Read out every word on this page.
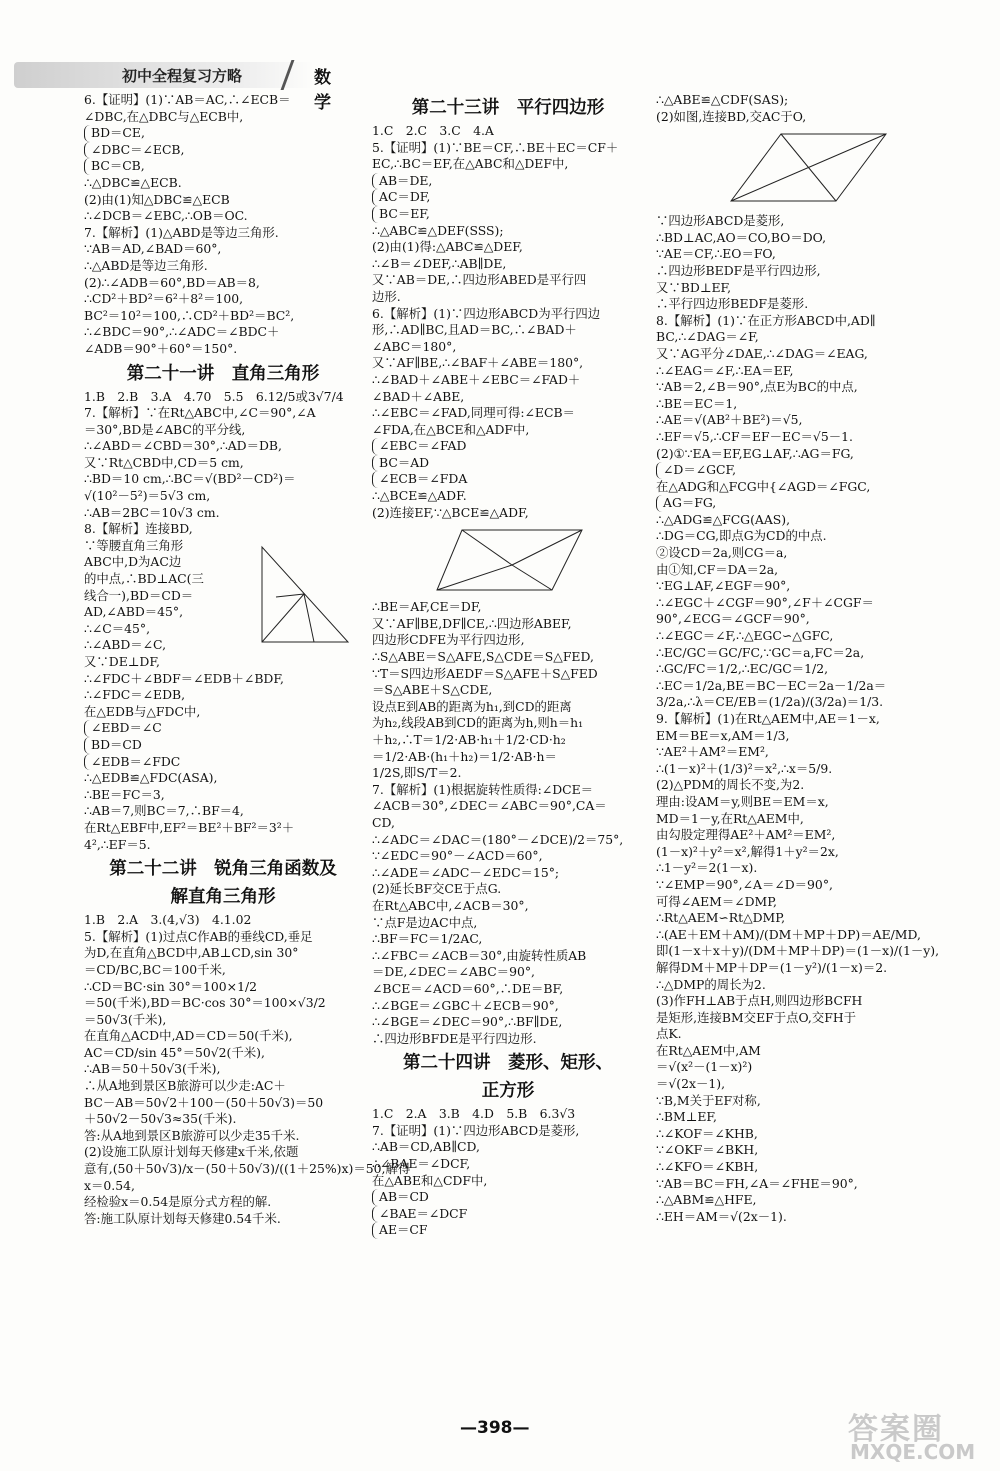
初中全程复习方略	数学

6.【证明】(1)∵AB＝AC,∴∠ECB＝

∠DBC,在△DBC与△ECB中,

BD＝CE,

∠DBC＝∠ECB,

BC＝CB,

∴△DBC≌△ECB.

(2)由(1)知△DBC≌△ECB

∴∠DCB＝∠EBC,∴OB＝OC.

7.【解析】(1)△ABD是等边三角形.

∵AB＝AD,∠BAD＝60°,

∴△ABD是等边三角形.

(2)∴∠ADB＝60°,BD＝AB＝8,

∴CD²＋BD²＝6²＋8²＝100,

BC²＝10²＝100,∴CD²＋BD²＝BC²,

∴∠BDC＝90°,∴∠ADC＝∠BDC＋

∠ADB＝90°＋60°＝150°.

第二十一讲　直角三角形

1.B　2.B　3.A　4.70　5.5　6.12/5或3√7/4

7.【解析】∵在Rt△ABC中,∠C＝90°,∠A

＝30°,BD是∠ABC的平分线,

∴∠ABD＝∠CBD＝30°,∴AD＝DB,

又∵Rt△CBD中,CD＝5 cm,

∴BD＝10 cm,∴BC＝√(BD²－CD²)＝

√(10²－5²)＝5√3 cm,

∴AB＝2BC＝10√3 cm.

8.【解析】连接BD,

∵等腰直角三角形

ABC中,D为AC边

的中点,∴BD⊥AC(三

线合一),BD＝CD＝

AD,∠ABD＝45°,

∴∠C＝45°,

∴∠ABD＝∠C,

又∵DE⊥DF,

∴∠FDC＋∠BDF＝∠EDB＋∠BDF,

∴∠FDC＝∠EDB,

在△EDB与△FDC中,

∠EBD＝∠C

BD＝CD

∠EDB＝∠FDC

∴△EDB≌△FDC(ASA),

∴BE＝FC＝3,

∴AB＝7,则BC＝7,∴BF＝4,

在Rt△EBF中,EF²＝BE²＋BF²＝3²＋

4²,∴EF＝5.

第二十二讲　锐角三角函数及

解直角三角形

1.B　2.A　3.(4,√3)　4.1.02

5.【解析】(1)过点C作AB的垂线CD,垂足

为D,在直角△BCD中,AB⊥CD,sin 30°

＝CD/BC,BC＝100千米,

∴CD＝BC·sin 30°＝100×1/2

＝50(千米),BD＝BC·cos 30°＝100×√3/2

＝50√3(千米),

在直角△ACD中,AD＝CD＝50(千米),

AC＝CD/sin 45°＝50√2(千米),

∴AB＝50＋50√3(千米),

∴从A地到景区B旅游可以少走:AC＋

BC－AB＝50√2＋100－(50＋50√3)＝50

＋50√2－50√3≈35(千米).

答:从A地到景区B旅游可以少走35千米.

(2)设施工队原计划每天修建x千米,依题

意有,(50＋50√3)/x－(50＋50√3)/((1＋25%)x)＝50,解得

x＝0.54,

经检验x＝0.54是原分式方程的解.

答:施工队原计划每天修建0.54千米.

第二十三讲　平行四边形

1.C　2.C　3.C　4.A

5.【证明】(1)∵BE＝CF,∴BE＋EC＝CF＋

EC,∴BC＝EF,在△ABC和△DEF中,

AB＝DE,

AC＝DF,

BC＝EF,

∴△ABC≌△DEF(SSS);

(2)由(1)得:△ABC≌△DEF,

∴∠B＝∠DEF,∴AB∥DE,

又∵AB＝DE,∴四边形ABED是平行四

边形.

6.【解析】(1)∵四边形ABCD为平行四边

形,∴AD∥BC,且AD＝BC,∴∠BAD＋

∠ABC＝180°,

又∵AF∥BE,∴∠BAF＋∠ABE＝180°,

∴∠BAD＋∠ABE＋∠EBC＝∠FAD＋

∠BAD＋∠ABE,

∴∠EBC＝∠FAD,同理可得:∠ECB＝

∠FDA,在△BCE和△ADF中,

∠EBC＝∠FAD

BC＝AD

∠ECB＝∠FDA

∴△BCE≌△ADF.

(2)连接EF,∵△BCE≌△ADF,

∴BE＝AF,CE＝DF,

又∵AF∥BE,DF∥CE,∴四边形ABEF,

四边形CDFE为平行四边形,

∴S△ABE＝S△AFE,S△CDE＝S△FED,

∵T＝S四边形AEDF＝S△AFE＋S△FED

＝S△ABE＋S△CDE,

设点E到AB的距离为h₁,到CD的距离

为h₂,线段AB到CD的距离为h,则h＝h₁

＋h₂,∴T＝1/2·AB·h₁＋1/2·CD·h₂

＝1/2·AB·(h₁＋h₂)＝1/2·AB·h＝

1/2S,即S/T＝2.

7.【解析】(1)根据旋转性质得:∠DCE＝

∠ACB＝30°,∠DEC＝∠ABC＝90°,CA＝

CD,

∴∠ADC＝∠DAC＝(180°－∠DCE)/2＝75°,

∵∠EDC＝90°－∠ACD＝60°,

∴∠ADE＝∠ADC－∠EDC＝15°;

(2)延长BF交CE于点G.

在Rt△ABC中,∠ACB＝30°,

∵点F是边AC中点,

∴BF＝FC＝1/2AC,

∴∠FBC＝∠ACB＝30°,由旋转性质AB

＝DE,∠DEC＝∠ABC＝90°,

∠BCE＝∠ACD＝60°,∴DE＝BF,

∴∠BGE＝∠GBC＋∠ECB＝90°,

∴∠BGE＝∠DEC＝90°,∴BF∥DE,

∴四边形BFDE是平行四边形.

第二十四讲　菱形、矩形、

正方形

1.C　2.A　3.B　4.D　5.B　6.3√3

7.【证明】(1)∵四边形ABCD是菱形,

∴AB＝CD,AB∥CD,

∴∠BAE＝∠DCF,

在△ABE和△CDF中,

AB＝CD

∠BAE＝∠DCF

AE＝CF

∴△ABE≌△CDF(SAS);

(2)如图,连接BD,交AC于O,

∵四边形ABCD是菱形,

∴BD⊥AC,AO＝CO,BO＝DO,

∵AE＝CF,∴EO＝FO,

∴四边形BEDF是平行四边形,

又∵BD⊥EF,

∴平行四边形BEDF是菱形.

8.【解析】(1)∵在正方形ABCD中,AD∥

BC,∴∠DAG＝∠F,

又∵AG平分∠DAE,∴∠DAG＝∠EAG,

∴∠EAG＝∠F,∴EA＝EF,

∵AB＝2,∠B＝90°,点E为BC的中点,

∴BE＝EC＝1,

∴AE＝√(AB²＋BE²)＝√5,

∴EF＝√5,∴CF＝EF－EC＝√5－1.

(2)①∵EA＝EF,EG⊥AF,∴AG＝FG,

∠D＝∠GCF,

在△ADG和△FCG中{∠AGD＝∠FGC,

AG＝FG,

∴△ADG≌△FCG(AAS),

∴DG＝CG,即点G为CD的中点.

②设CD＝2a,则CG＝a,

由①知,CF＝DA＝2a,

∵EG⊥AF,∠EGF＝90°,

∴∠EGC＋∠CGF＝90°,∠F＋∠CGF＝

90°,∠ECG＝∠GCF＝90°,

∴∠EGC＝∠F,∴△EGC∽△GFC,

∴EC/GC＝GC/FC,∵GC＝a,FC＝2a,

∴GC/FC＝1/2,∴EC/GC＝1/2,

∴EC＝1/2a,BE＝BC－EC＝2a－1/2a＝

3/2a,∴λ＝CE/EB＝(1/2a)/(3/2a)＝1/3.

9.【解析】(1)在Rt△AEM中,AE＝1－x,

EM＝BE＝x,AM＝1/3,

∵AE²＋AM²＝EM²,

∴(1－x)²＋(1/3)²＝x²,∴x＝5/9.

(2)△PDM的周长不变,为2.

理由:设AM＝y,则BE＝EM＝x,

MD＝1－y,在Rt△AEM中,

由勾股定理得AE²＋AM²＝EM²,

(1－x)²＋y²＝x²,解得1＋y²＝2x,

∴1－y²＝2(1－x).

∵∠EMP＝90°,∠A＝∠D＝90°,

可得∠AEM＝∠DMP,

∴Rt△AEM∽Rt△DMP,

∴(AE＋EM＋AM)/(DM＋MP＋DP)＝AE/MD,

即(1－x＋x＋y)/(DM＋MP＋DP)＝(1－x)/(1－y),

解得DM＋MP＋DP＝(1－y²)/(1－x)＝2.

∴△DMP的周长为2.

(3)作FH⊥AB于点H,则四边形BCFH

是矩形,连接BM交EF于点O,交FH于

点K.

在Rt△AEM中,AM

＝√(x²－(1－x)²)

＝√(2x－1),

∵B,M关于EF对称,

∴BM⊥EF,

∴∠KOF＝∠KHB,

∵∠OKF＝∠BKH,

∴∠KFO＝∠KBH,

∵AB＝BC＝FH,∠A＝∠FHE＝90°,

∴△ABM≌△HFE,

∴EH＝AM＝√(2x－1).

—398—	答案圈
MXQE.COM
